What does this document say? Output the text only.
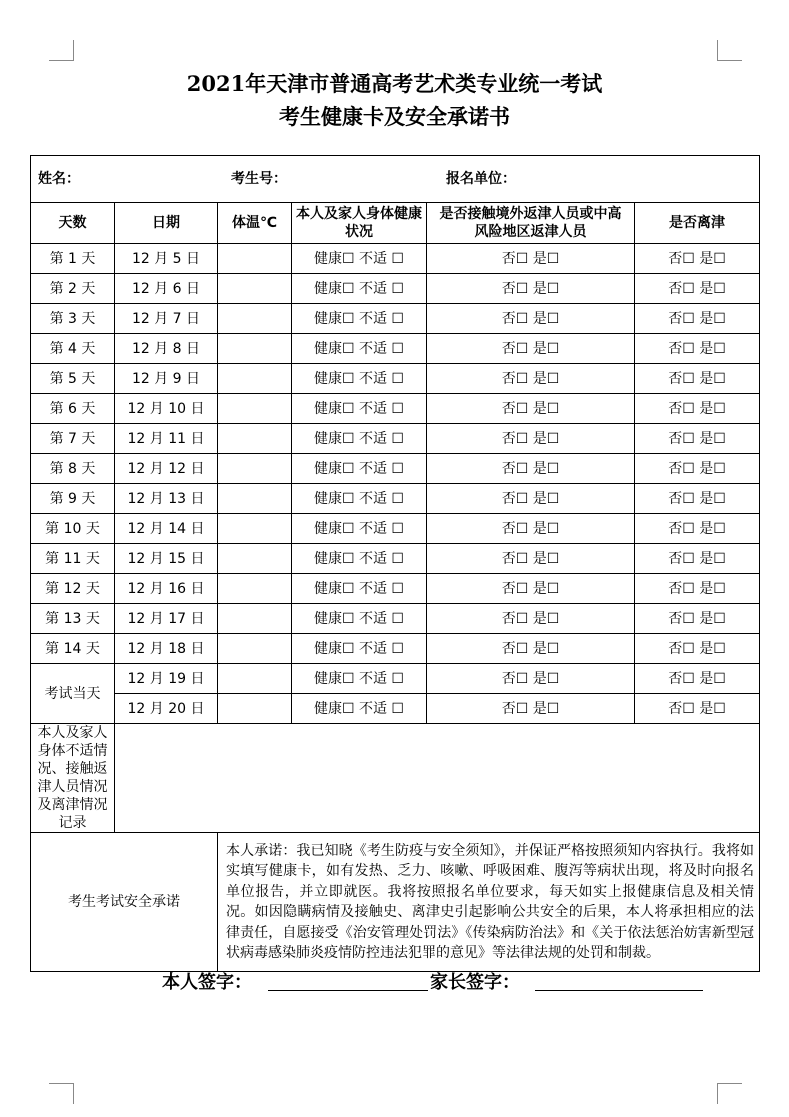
2021年天津市普通高考艺术类专业统一考试
考生健康卡及安全承诺书
姓名： 考生号： 报名单位：					

天数	日期	体温℃	本人及家人身体健康状况	是否接触境外返津人员或中高风险地区返津人员	是否离津
第 1 天	12 月 5 日		健康☐ 不适 ☐	否☐ 是☐	否☐ 是☐
第 2 天	12 月 6 日		健康☐ 不适 ☐	否☐ 是☐	否☐ 是☐
第 3 天	12 月 7 日		健康☐ 不适 ☐	否☐ 是☐	否☐ 是☐
第 4 天	12 月 8 日		健康☐ 不适 ☐	否☐ 是☐	否☐ 是☐
第 5 天	12 月 9 日		健康☐ 不适 ☐	否☐ 是☐	否☐ 是☐
第 6 天	12 月 10 日		健康☐ 不适 ☐	否☐ 是☐	否☐ 是☐
第 7 天	12 月 11 日		健康☐ 不适 ☐	否☐ 是☐	否☐ 是☐
第 8 天	12 月 12 日		健康☐ 不适 ☐	否☐ 是☐	否☐ 是☐
第 9 天	12 月 13 日		健康☐ 不适 ☐	否☐ 是☐	否☐ 是☐
第 10 天	12 月 14 日		健康☐ 不适 ☐	否☐ 是☐	否☐ 是☐
第 11 天	12 月 15 日		健康☐ 不适 ☐	否☐ 是☐	否☐ 是☐
第 12 天	12 月 16 日		健康☐ 不适 ☐	否☐ 是☐	否☐ 是☐
第 13 天	12 月 17 日		健康☐ 不适 ☐	否☐ 是☐	否☐ 是☐
第 14 天	12 月 18 日		健康☐ 不适 ☐	否☐ 是☐	否☐ 是☐
考试当天	12 月 19 日		健康☐ 不适 ☐	否☐ 是☐	否☐ 是☐
	12 月 20 日		健康☐ 不适 ☐	否☐ 是☐	否☐ 是☐
本人及家人身体不适情况、接触返津人员情况及离津情况记录					
考生考试安全承诺		本人承诺：我已知晓《考生防疫与安全须知》，并保证严格按照须知内容执行。我将如实填写健康卡，如有发热、乏力、咳嗽、呼吸困难、腹泻等病状出现，将及时向报名单位报告，并立即就医。我将按照报名单位要求，每天如实上报健康信息及相关情况。如因隐瞒病情及接触史、离津史引起影响公共安全的后果，本人将承担相应的法律责任，自愿接受《治安管理处罚法》《传染病防治法》和《关于依法惩治妨害新型冠状病毒感染肺炎疫情防控违法犯罪的意见》等法律法规的处罚和制裁。			
本人签字：	家长签字：
